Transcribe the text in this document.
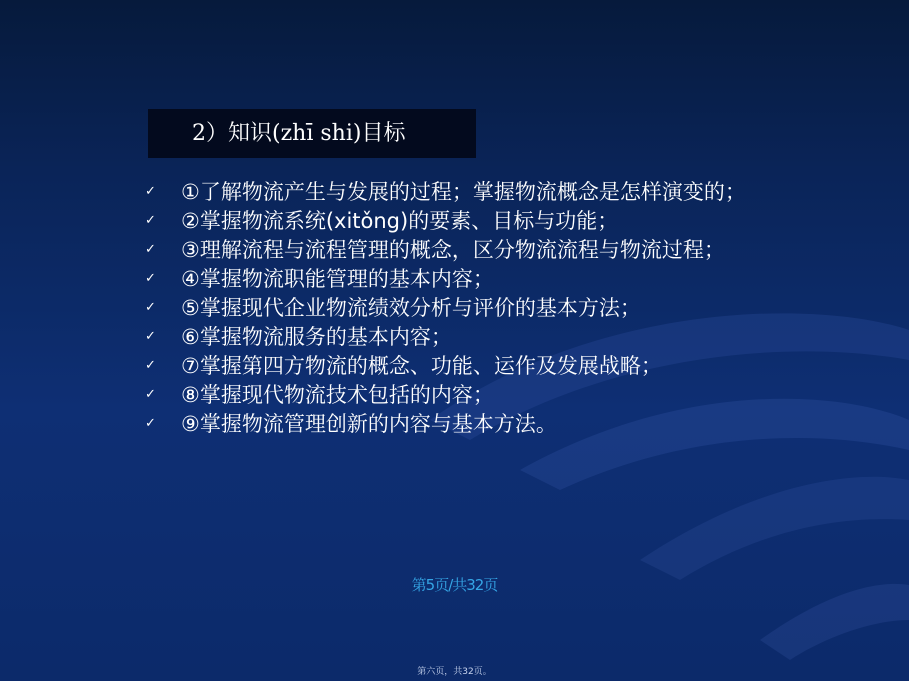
2）知识(zhī shi)目标
✓ ①了解物流产生与发展的过程；掌握物流概念是怎样演变的；
✓ ②掌握物流系统(xitǒng)的要素、目标与功能；
✓ ③理解流程与流程管理的概念，区分物流流程与物流过程；
✓ ④掌握物流职能管理的基本内容；
✓ ⑤掌握现代企业物流绩效分析与评价的基本方法；
✓ ⑥掌握物流服务的基本内容；
✓ ⑦掌握第四方物流的概念、功能、运作及发展战略；
✓ ⑧掌握现代物流技术包括的内容；
✓ ⑨掌握物流管理创新的内容与基本方法。
第5页/共32页
第六页，共32页。
